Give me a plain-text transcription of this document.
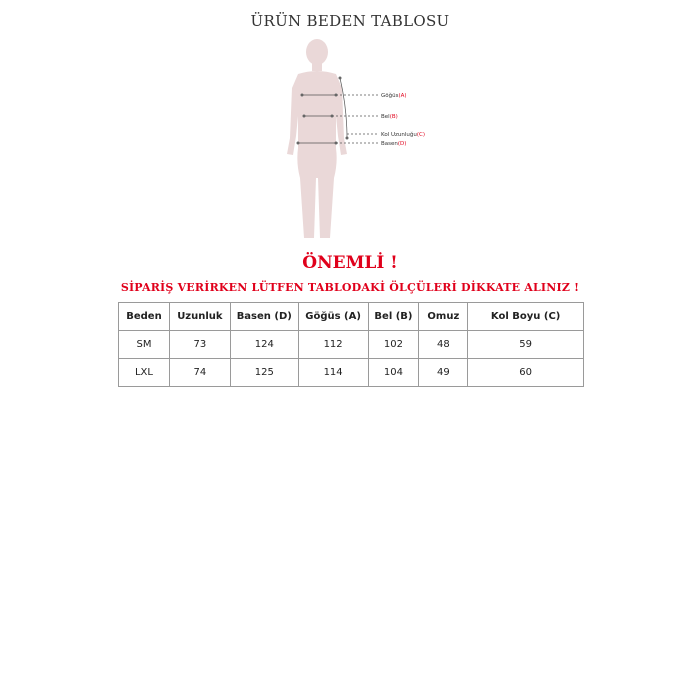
ÜRÜN BEDEN TABLOSU
Göğüs(A)
Bel(B)
Kol Uzunluğu(C)
Basen(D)
ÖNEMLİ !
SİPARİŞ VERİRKEN LÜTFEN TABLODAKİ ÖLÇÜLERİ DİKKATE ALINIZ !
Beden	Uzunluk	Basen (D)	Göğüs (A)	Bel (B)	Omuz	Kol Boyu (C)
SM	73	124	112	102	48	59
LXL	74	125	114	104	49	60
